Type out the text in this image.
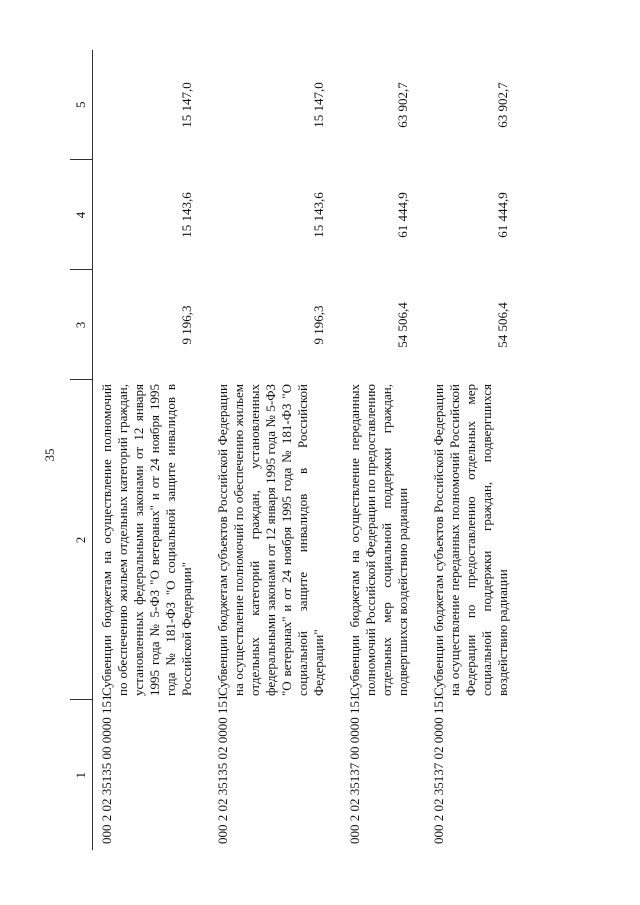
35
1	2	3	4	5
000 2 02 35135 00 0000 151	Субвенции бюджетам на осуществление полномочий по обеспечению жильем отдельных категорий граждан, установленных федеральными законами от 12 января 1995 года № 5-ФЗ "О ветеранах" и от 24 ноября 1995 года № 181-ФЗ "О социальной защите инвалидов в Российской Федерации"	9 196,3	15 143,6	15 147,0
000 2 02 35135 02 0000 151	Субвенции бюджетам субъектов Российской Федерации на осуществление полномочий по обеспечению жильем отдельных категорий граждан, установленных федеральными законами от 12 января 1995 года № 5-ФЗ "О ветеранах" и от 24 ноября 1995 года № 181-ФЗ "О социальной защите инвалидов в Российской Федерации"	9 196,3	15 143,6	15 147,0
000 2 02 35137 00 0000 151	Субвенции бюджетам на осуществление переданных полномочий Российской Федерации по предоставлению отдельных мер социальной поддержки граждан, подвергшихся воздействию радиации	54 506,4	61 444,9	63 902,7
000 2 02 35137 02 0000 151	Субвенции бюджетам субъектов Российской Федерации на осуществление переданных полномочий Российской Федерации по предоставлению отдельных мер социальной поддержки граждан, подвергшихся воздействию радиации	54 506,4	61 444,9	63 902,7
